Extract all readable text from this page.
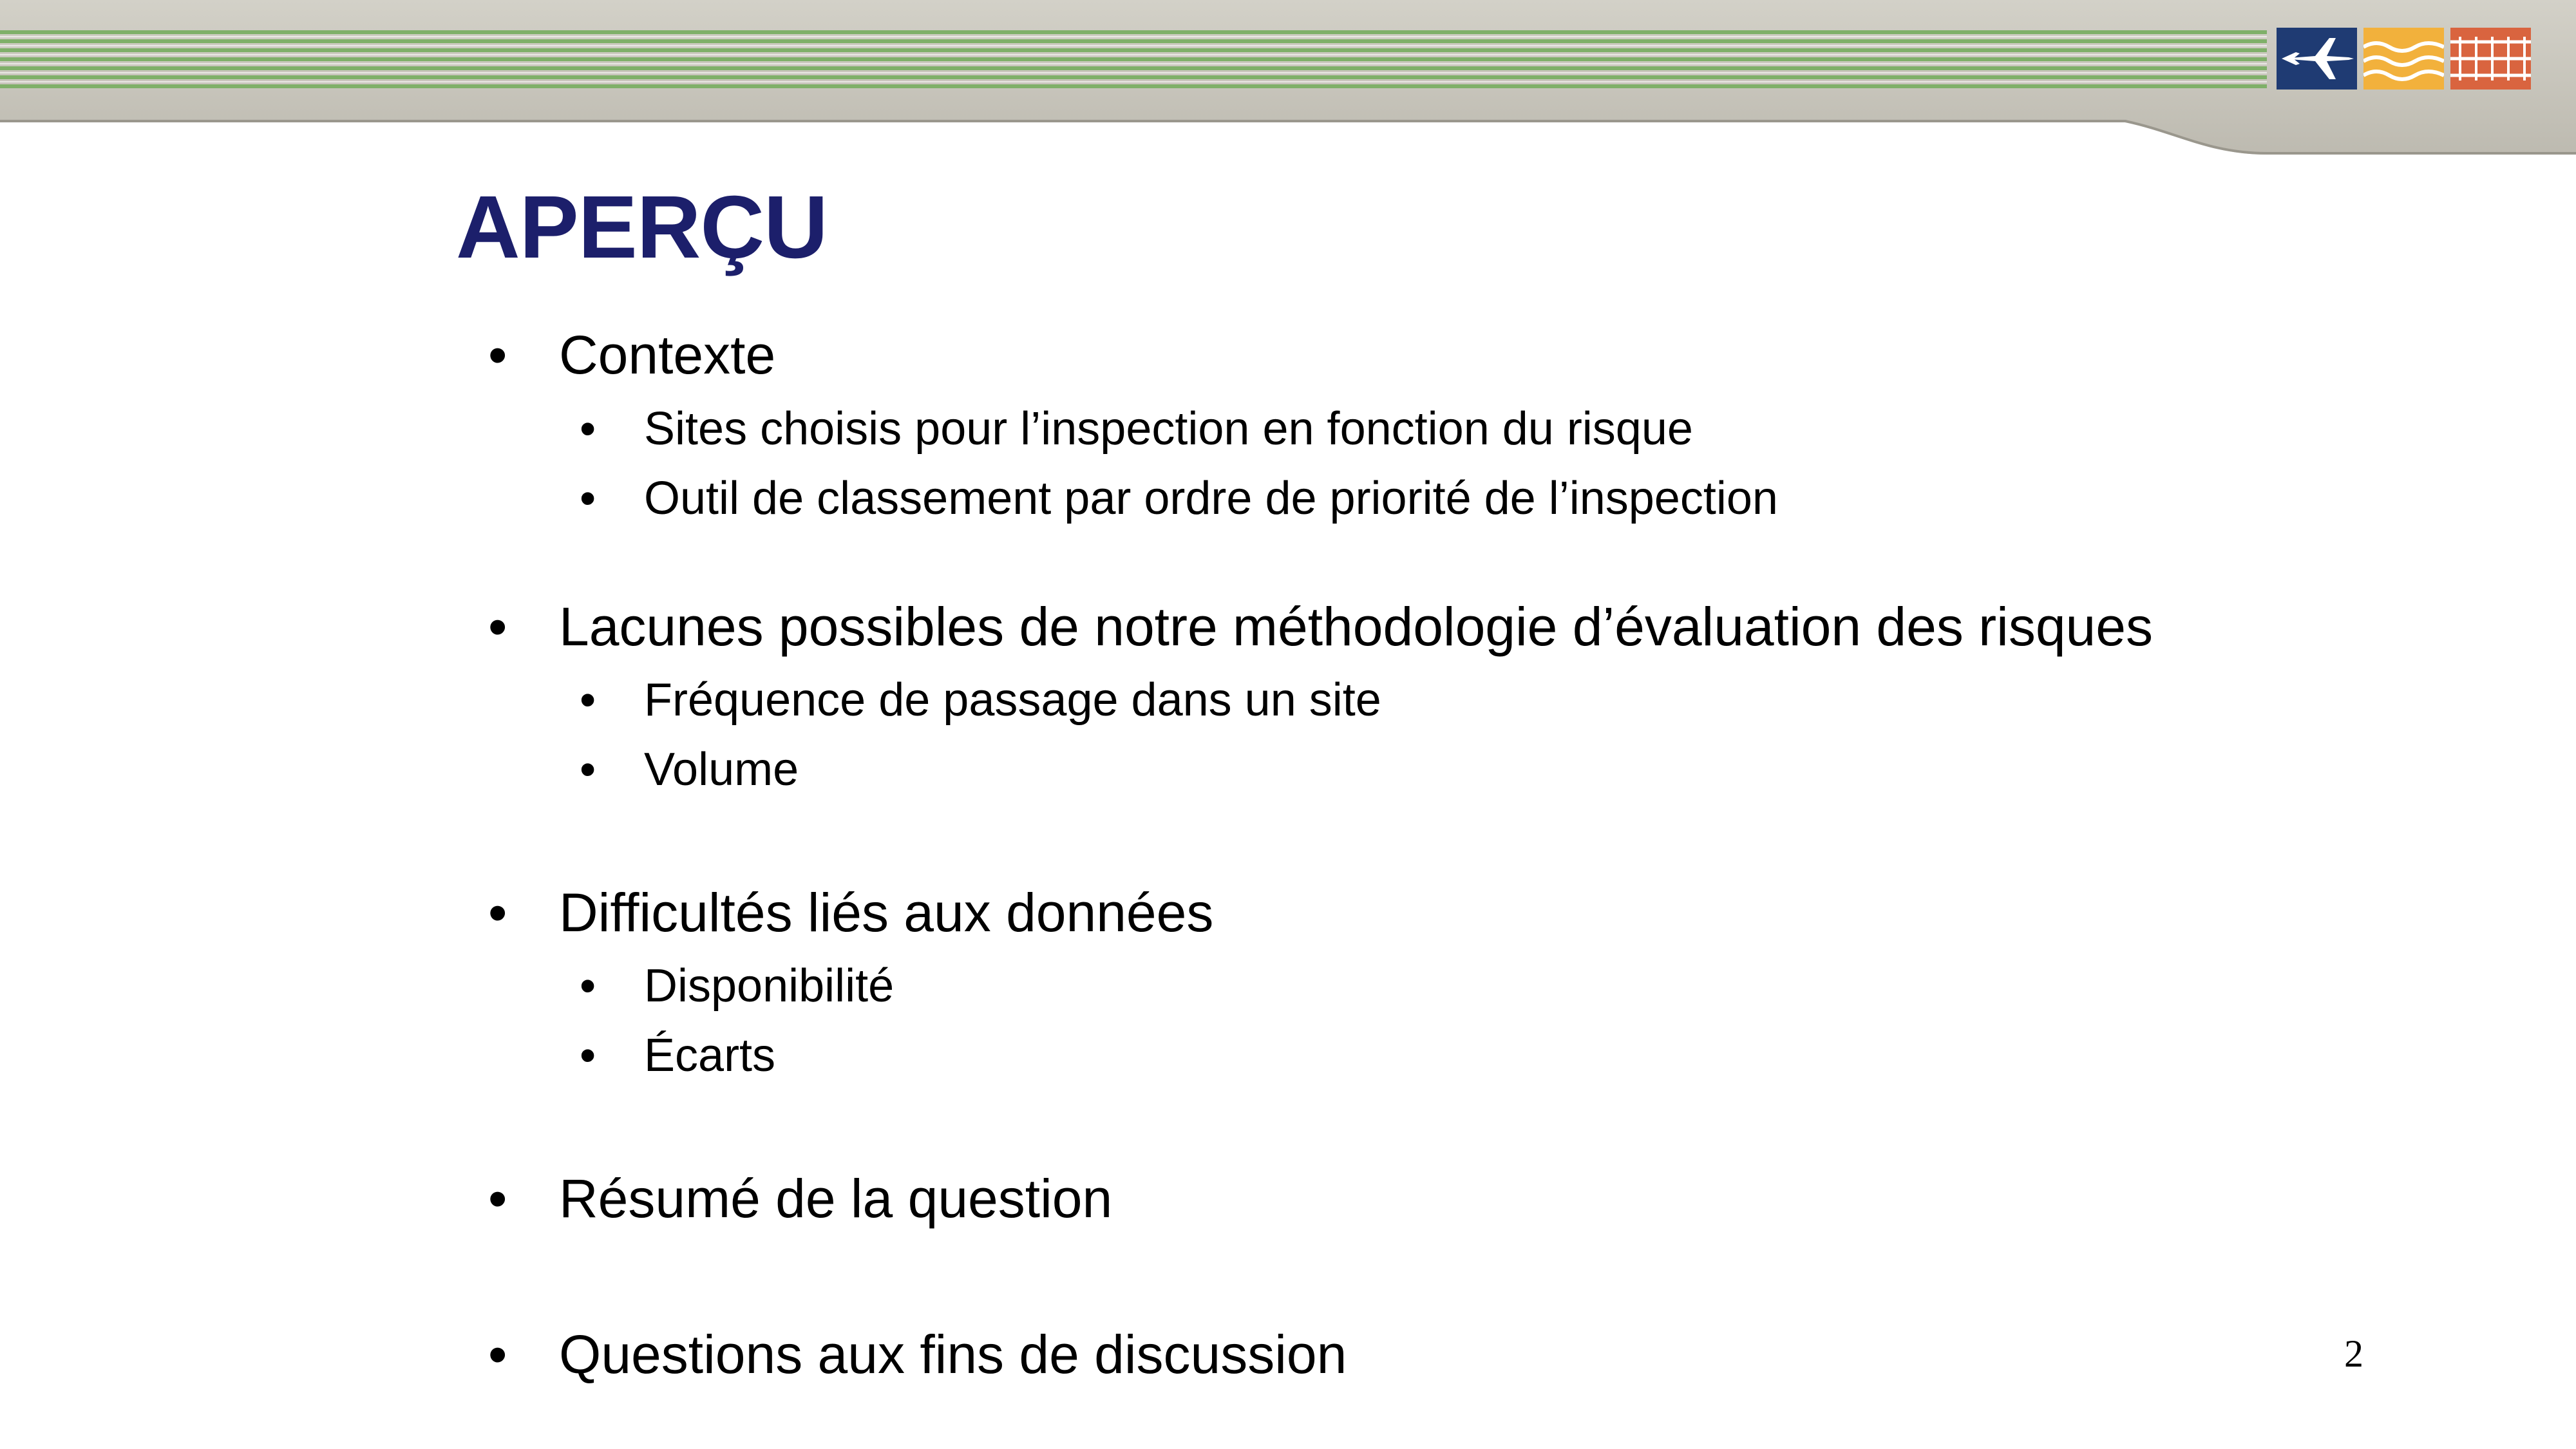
APERÇU
• Contexte
• Sites choisis pour l’inspection en fonction du risque
• Outil de classement par ordre de priorité de l’inspection
• Lacunes possibles de notre méthodologie d’évaluation des risques
• Fréquence de passage dans un site
• Volume
• Difficultés liés aux données
• Disponibilité
• Écarts
• Résumé de la question
• Questions aux fins de discussion	2
